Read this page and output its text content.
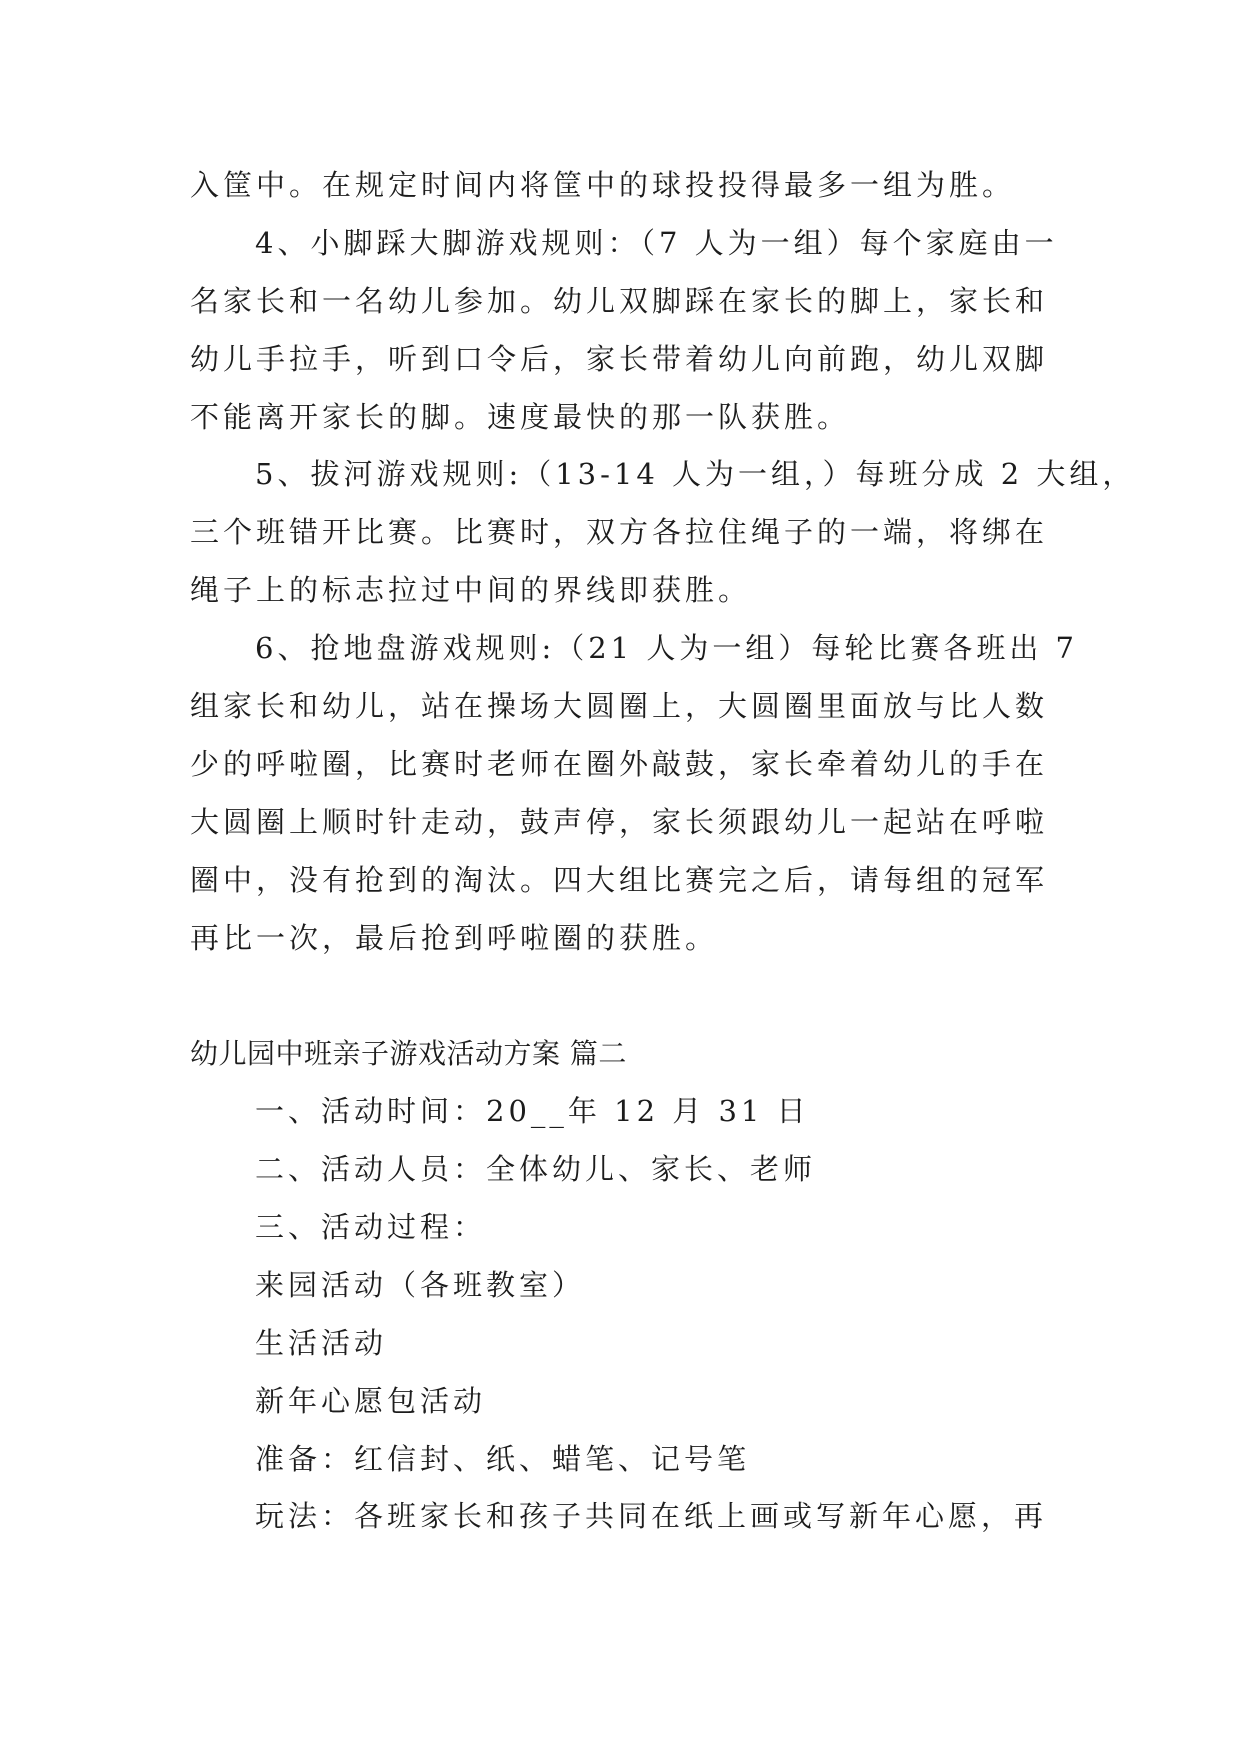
入筐中。在规定时间内将筐中的球投投得最多一组为胜。
4、小脚踩大脚游戏规则：（7 人为一组）每个家庭由一
名家长和一名幼儿参加。幼儿双脚踩在家长的脚上，家长和
幼儿手拉手，听到口令后，家长带着幼儿向前跑，幼儿双脚
不能离开家长的脚。速度最快的那一队获胜。
5、拔河游戏规则:（13-14 人为一组，）每班分成 2 大组，
三个班错开比赛。比赛时，双方各拉住绳子的一端，将绑在
绳子上的标志拉过中间的界线即获胜。
6、抢地盘游戏规则:（21 人为一组）每轮比赛各班出 7
组家长和幼儿，站在操场大圆圈上，大圆圈里面放与比人数
少的呼啦圈，比赛时老师在圈外敲鼓，家长牵着幼儿的手在
大圆圈上顺时针走动，鼓声停，家长须跟幼儿一起站在呼啦
圈中，没有抢到的淘汰。四大组比赛完之后，请每组的冠军
再比一次，最后抢到呼啦圈的获胜。
幼儿园中班亲子游戏活动方案 篇二
一、活动时间：20__年 12 月 31 日
二、活动人员：全体幼儿、家长、老师
三、活动过程：
来园活动（各班教室）
生活活动
新年心愿包活动
准备：红信封、纸、蜡笔、记号笔
玩法：各班家长和孩子共同在纸上画或写新年心愿，再
